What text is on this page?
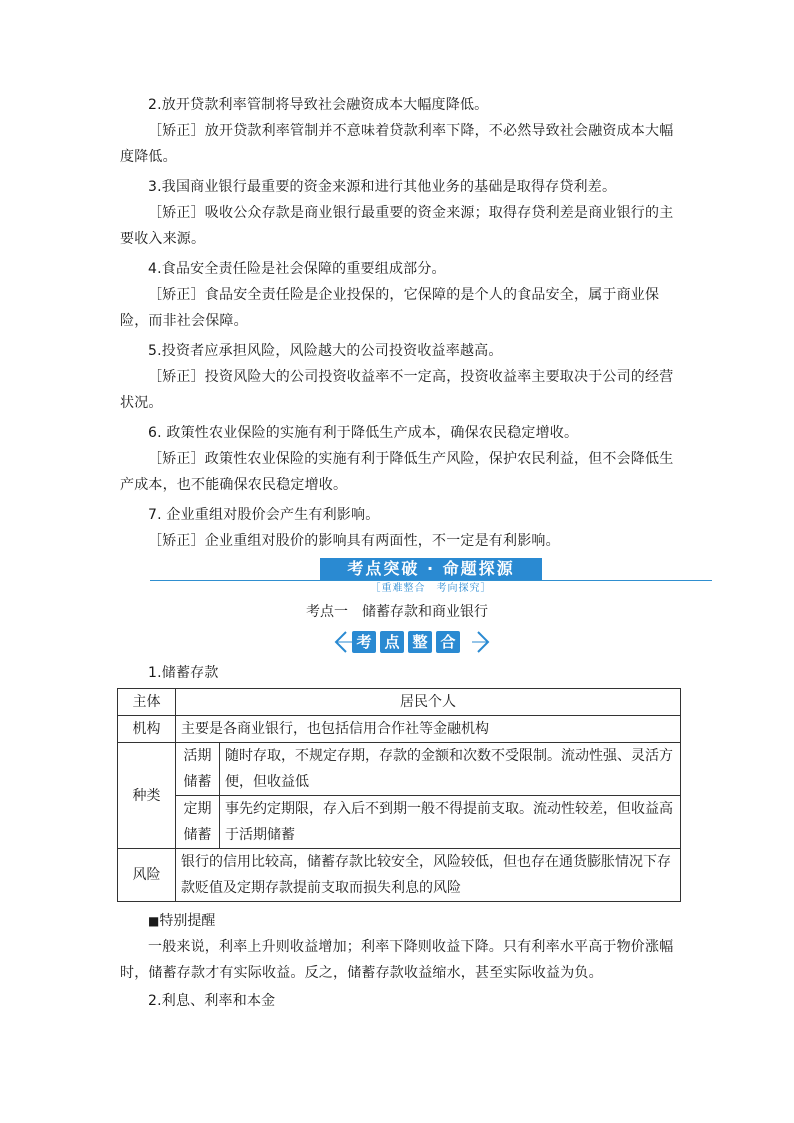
2.放开贷款利率管制将导致社会融资成本大幅度降低。

［矫正］放开贷款利率管制并不意味着贷款利率下降，不必然导致社会融资成本大幅度降低。

3.我国商业银行最重要的资金来源和进行其他业务的基础是取得存贷利差。

［矫正］吸收公众存款是商业银行最重要的资金来源；取得存贷利差是商业银行的主要收入来源。

4.食品安全责任险是社会保障的重要组成部分。

［矫正］食品安全责任险是企业投保的，它保障的是个人的食品安全，属于商业保险，而非社会保障。

5.投资者应承担风险，风险越大的公司投资收益率越高。

［矫正］投资风险大的公司投资收益率不一定高，投资收益率主要取决于公司的经营状况。

6. 政策性农业保险的实施有利于降低生产成本，确保农民稳定增收。

［矫正］政策性农业保险的实施有利于降低生产风险，保护农民利益，但不会降低生产成本，也不能确保农民稳定增收。

7. 企业重组对股价会产生有利影响。

［矫正］企业重组对股价的影响具有两面性，不一定是有利影响。

考点突破 · 命题探源
［重难整合　考向探究］
考点一　储蓄存款和商业银行
考 点 整 合

1.储蓄存款

主体	居民个人	
机构	主要是各商业银行，也包括信用合作社等金融机构	
种类	活期储蓄	随时存取，不规定存期，存款的金额和次数不受限制。流动性强、灵活方便，但收益低
	定期储蓄	事先约定期限，存入后不到期一般不得提前支取。流动性较差，但收益高于活期储蓄
风险	银行的信用比较高，储蓄存款比较安全，风险较低，但也存在通货膨胀情况下存款贬值及定期存款提前支取而损失利息的风险	
■特别提醒

一般来说，利率上升则收益增加；利率下降则收益下降。只有利率水平高于物价涨幅时，储蓄存款才有实际收益。反之，储蓄存款收益缩水，甚至实际收益为负。

2.利息、利率和本金
